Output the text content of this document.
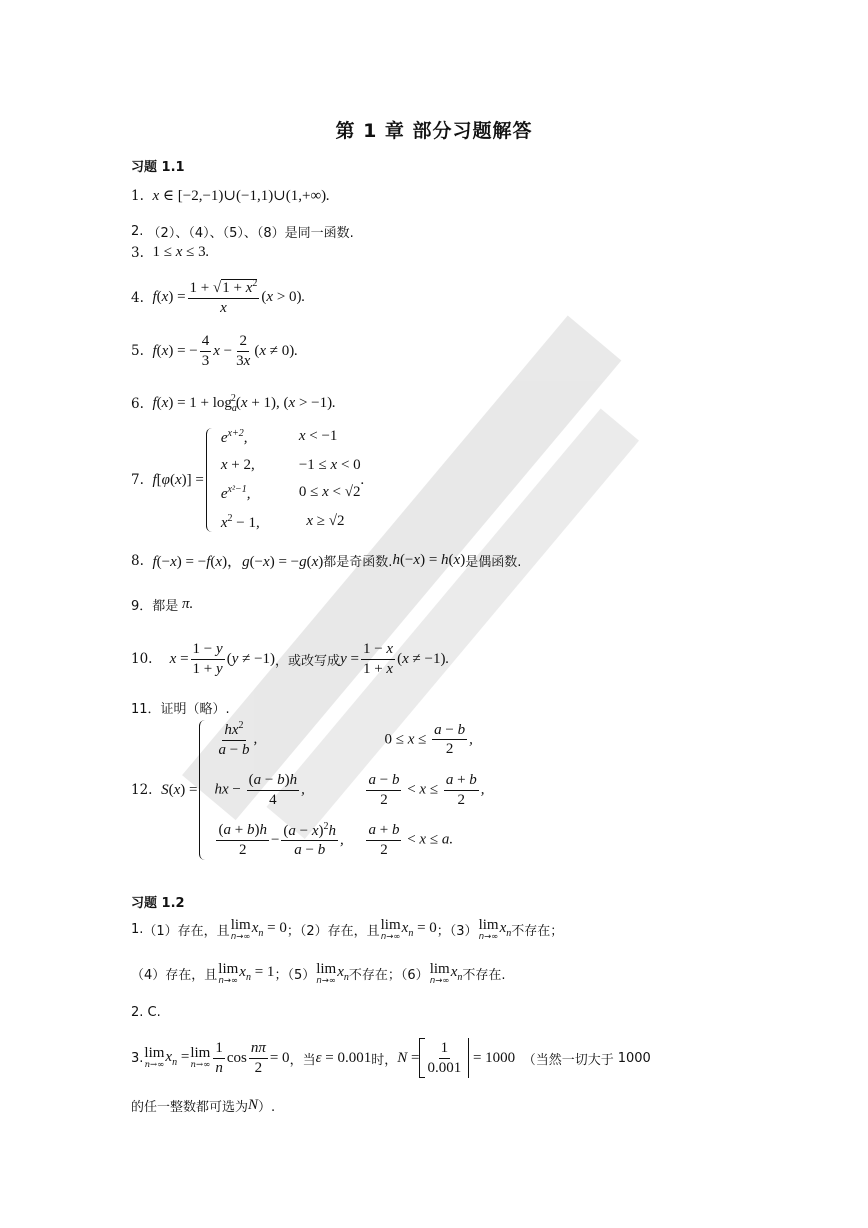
第 1 章 部分习题解答
习题 1.1
1.
x ∈ [−2,−1)∪(−1,1)∪(1,+∞).
2.
（2）、（4）、（5）、（8）是同一函数.
3.
1 ≤ x ≤ 3.
4.
$f(x) = \frac{1 + √1 + x^2}{x} (x > 0)$.
5.
f(x) = − $\frac{4}{3}$ $x - \frac{2}{3x} (x \ne 0)$.
6.
$f(x) = 1 + \log_a^2(x + 1)$, (x > −1).
7.
f[φ(x)] =
$e^{x+2}$,	x < −1
x + 2,	−1 ≤ x < 0
$e^{x^2-1}$,	0 ≤ x < √2
$x^2 - 1$,	x ≥ √2
.
8.
f(−x) = −f(x)，g(−x) = −g(x) 都是奇函数. h(−x) = h(x) 是偶函数.
9．都是 π.
10.
$x = \frac{1 - y}{1 + y} (y \ne -1)$ ，或改写成 $y = \frac{1 - x}{1 + x} (x \ne -1)$.
11．证明（略）.
12.
S(x) =
$\frac{hx^2}{a - b}$ ,	$0 \le x \le \frac{a - b}{2}$ ,
hx − $\frac{(a - b)h}{4}$ ,	$\frac{a - b}{2} < x \le \frac{a + b}{2}$ ,
$\frac{(a + b)h}{2} - \frac{(a - x)^2h}{a - b}$ ,	$\frac{a + b}{2} < x \le a$.
习题 1.2
1. （1）存在，且 lim
n→∞
$x_n = 0$ ；（2）存在，且 lim
n→∞
$x_n = 0$ ；（3） lim
n→∞
$x_n$ 不存在；
（4）存在，且 lim
n→∞
$x_n = 1$ ；（5） lim
n→∞
$x_n$ 不存在；（6） lim
n→∞
$x_n$ 不存在.
2. C.
3. lim
n→∞
$x_n = \lim$
$n\to\infty \frac{1}{n}$ $\cos \frac{n\pi}{2} = 0$ ，当 ε = 0.001 时， $N = \frac{1}{0.001} = 1000$ （当然一切大于 1000
的任一整数都可选为 N ）.
